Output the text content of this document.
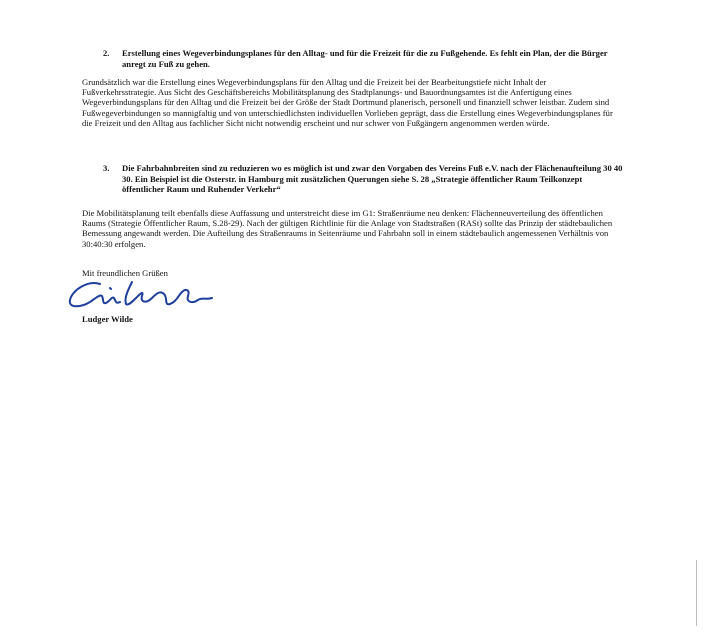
2. Erstellung eines Wegeverbindungsplanes für den Alltag- und für die Freizeit für die zu Fußgehende. Es fehlt ein Plan, der die Bürger anregt zu Fuß zu gehen.
Grundsätzlich war die Erstellung eines Wegeverbindungsplans für den Alltag und die Freizeit bei der Bearbeitungstiefe nicht Inhalt der Fußverkehrsstrategie. Aus Sicht des Geschäftsbereichs Mobilitätsplanung des Stadtplanungs- und Bauordnungsamtes ist die Anfertigung eines Wegeverbindungsplans für den Alltag und die Freizeit bei der Größe der Stadt Dortmund planerisch, personell und finanziell schwer leistbar. Zudem sind Fußwegeverbindungen so mannigfaltig und von unterschiedlichsten individuellen Vorlieben geprägt, dass die Erstellung eines Wegeverbindungsplanes für die Freizeit und den Alltag aus fachlicher Sicht nicht notwendig erscheint und nur schwer von Fußgängern angenommen werden würde.
3. Die Fahrbahnbreiten sind zu reduzieren wo es möglich ist und zwar den Vorgaben des Vereins Fuß e.V. nach der Flächenaufteilung 30 40 30. Ein Beispiel ist die Osterstr. in Hamburg mit zusätzlichen Querungen siehe S. 28 „Strategie öffentlicher Raum Teilkonzept öffentlicher Raum und Ruhender Verkehr“
Die Mobilitätsplanung teilt ebenfalls diese Auffassung und unterstreicht diese im G1: Straßenräume neu denken: Flächenneuverteilung des öffentlichen Raums (Strategie Öffentlicher Raum, S.28-29). Nach der gültigen Richtlinie für die Anlage von Stadtstraßen (RASt) sollte das Prinzip der städtebaulichen Bemessung angewandt werden. Die Aufteilung des Straßenraums in Seitenräume und Fahrbahn soll in einem städtebaulich angemessenen Verhältnis von 30:40:30 erfolgen.
Mit freundlichen Grüßen
Ludger Wilde
